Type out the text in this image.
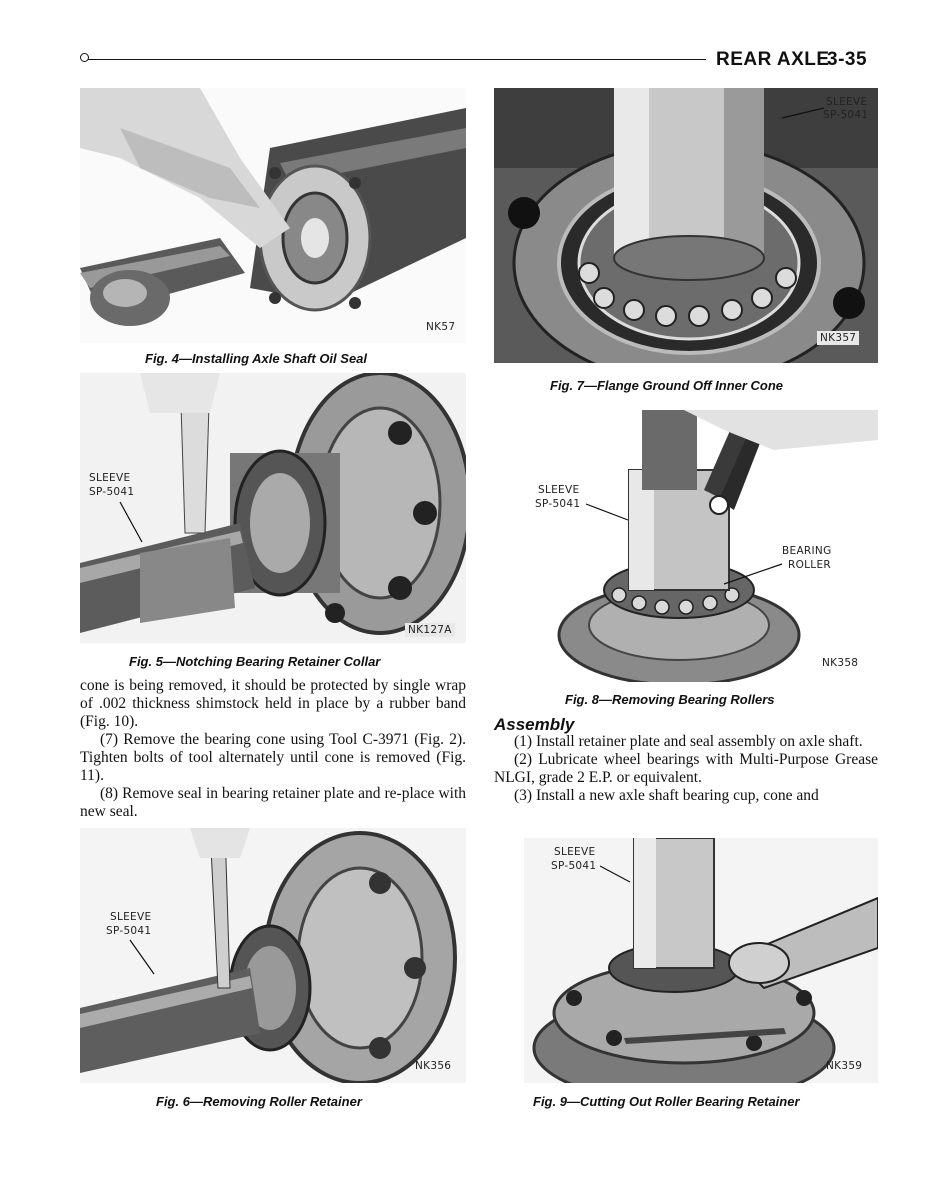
REAR AXLE
3-35
NK57
Fig. 4—Installing Axle Shaft Oil Seal
SLEEVE
SP-5041
NK127A
Fig. 5—Notching Bearing Retainer Collar

cone is being removed, it should be protected by single wrap of .002 thickness shimstock held in place by a rubber band (Fig. 10).

(7) Remove the bearing cone using Tool C-3971 (Fig. 2). Tighten bolts of tool alternately until cone is removed (Fig. 11).

(8) Remove seal in bearing retainer plate and re-place with new seal.

SLEEVE
SP-5041
NK356
Fig. 6—Removing Roller Retainer
SLEEVE
SP-5041
NK357
Fig. 7—Flange Ground Off Inner Cone
SLEEVE
SP-5041
BEARING
ROLLER
NK358
Fig. 8—Removing Bearing Rollers
Assembly

(1) Install retainer plate and seal assembly on axle shaft.

(2) Lubricate wheel bearings with Multi-Purpose Grease NLGI, grade 2 E.P. or equivalent.

(3) Install a new axle shaft bearing cup, cone and

SLEEVE
SP-5041
NK359
Fig. 9—Cutting Out Roller Bearing Retainer
